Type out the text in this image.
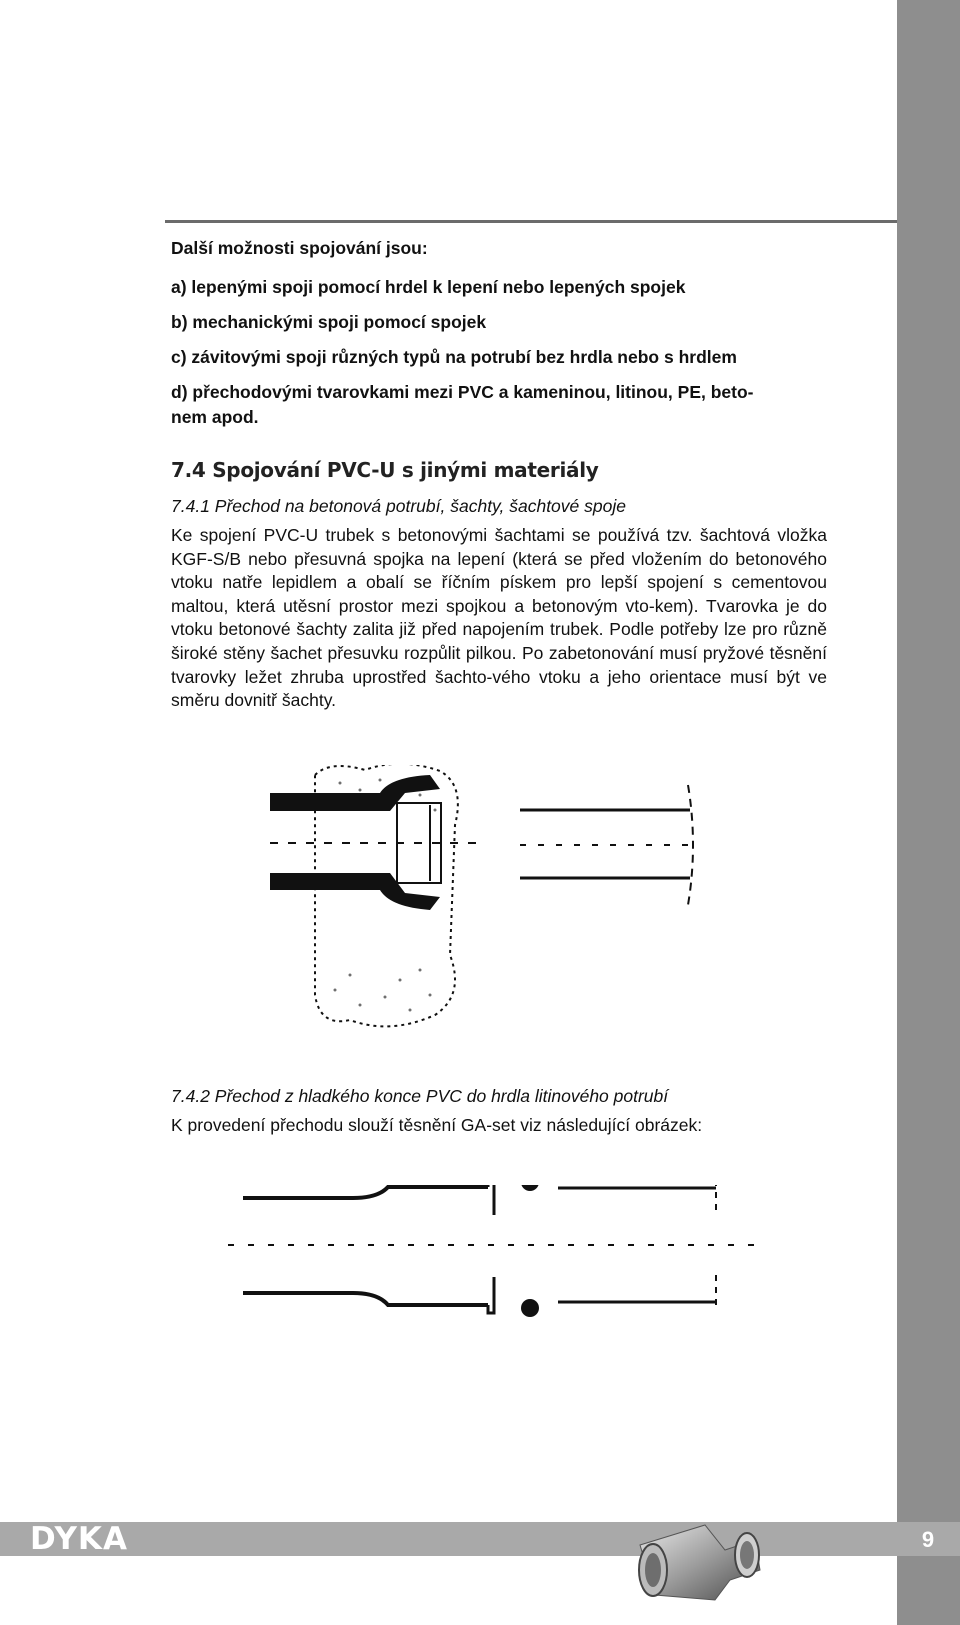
Další možnosti spojování jsou:

a) lepenými spoji pomocí hrdel k lepení nebo lepených spojek

b) mechanickými spoji pomocí spojek

c) závitovými spoji různých typů na potrubí bez hrdla nebo s hrdlem

d) přechodovými tvarovkami mezi PVC a kameninou, litinou, PE, beto-

nem apod.

7.4 Spojování PVC-U s jinými materiály

7.4.1 Přechod na betonová potrubí, šachty, šachtové spoje

Ke spojení PVC-U trubek s betonovými šachtami se používá tzv. šachtová vložka KGF-S/B nebo přesuvná spojka na lepení (která se před vložením do betonového vtoku natře lepidlem a obalí se říčním pískem pro lepší spojení s cementovou maltou, která utěsní prostor mezi spojkou a betonovým vto-kem). Tvarovka je do vtoku betonové šachty zalita již před napojením trubek. Podle potřeby lze pro různě široké stěny šachet přesuvku rozpůlit pilkou. Po zabetonování musí pryžové těsnění tvarovky ležet zhruba uprostřed šachto-vého vtoku a jeho orientace musí být ve směru dovnitř šachty.

7.4.2 Přechod z hladkého konce PVC do hrdla litinového potrubí

K provedení přechodu slouží těsnění GA-set viz následující obrázek:

DYKA	9
